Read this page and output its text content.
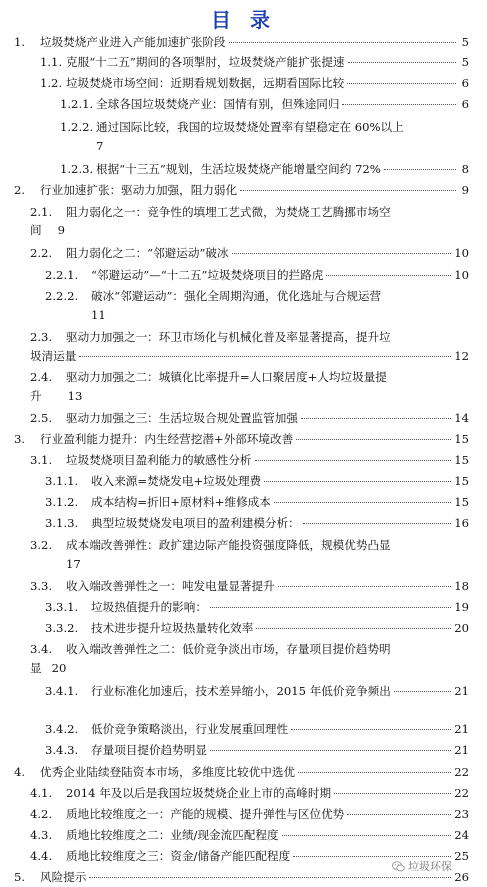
目 录
1.	垃圾焚烧产业进入产能加速扩张阶段	5
1.1. 克服“十二五”期间的各项掣肘，垃圾焚烧产能扩张提速	5
1.2. 垃圾焚烧市场空间：近期看规划数据，远期看国际比较	6
1.2.1. 全球各国垃圾焚烧产业：国情有别，但殊途同归	6
1.2.2. 通过国际比较，我国的垃圾焚烧处置率有望稳定在 60%以上
7
1.2.3. 根据“十三五”规划，生活垃圾焚烧产能增量空间约 72%	8
2.	行业加速扩张：驱动力加强，阻力弱化	9
2.1.	阻力弱化之一：竞争性的填埋工艺式微，为焚烧工艺腾挪市场空
间 9
2.2.	阻力弱化之二：“邻避运动”破冰	10
2.2.1.	“邻避运动”—“十二五”垃圾焚烧项目的拦路虎	10
2.2.2.	破冰“邻避运动”：强化全周期沟通，优化选址与合规运营
11
2.3.	驱动力加强之一：环卫市场化与机械化普及率显著提高，提升垃
圾清运量	12
2.4.	驱动力加强之二：城镇化比率提升=人口聚居度+人均垃圾量提
升 13
2.5.	驱动力加强之三：生活垃圾合规处置监管加强	14
3.	行业盈利能力提升：内生经营挖潜+外部环境改善	15
3.1.	垃圾焚烧项目盈利能力的敏感性分析	15
3.1.1.	收入来源=焚烧发电+垃圾处理费	15
3.1.2.	成本结构=折旧+原材料+维修成本	15
3.1.3.	典型垃圾焚烧发电项目的盈利建模分析：	16
3.2.	成本端改善弹性：政扩建边际产能投资强度降低，规模优势凸显
17
3.3.	收入端改善弹性之一：吨发电量显著提升	18
3.3.1.	垃圾热值提升的影响：	19
3.3.2.	技术进步提升垃圾热量转化效率	20
3.4.	收入端改善弹性之二：低价竞争淡出市场，存量项目提价趋势明
显 20
3.4.1.	行业标准化加速后，技术差异缩小，2015 年低价竞争频出	21
3.4.2.	低价竞争策略淡出，行业发展重回理性	21
3.4.3.	存量项目提价趋势明显	21
4.	优秀企业陆续登陆资本市场，多维度比较优中选优	22
4.1.	2014 年及以后是我国垃圾焚烧企业上市的高峰时期	22
4.2.	质地比较维度之一：产能的规模、提升弹性与区位优势	23
4.3.	质地比较维度之二：业绩/现金流匹配程度	24
4.4.	质地比较维度之三：资金/储备产能匹配程度	25
5.	风险提示	26
垃圾环保
